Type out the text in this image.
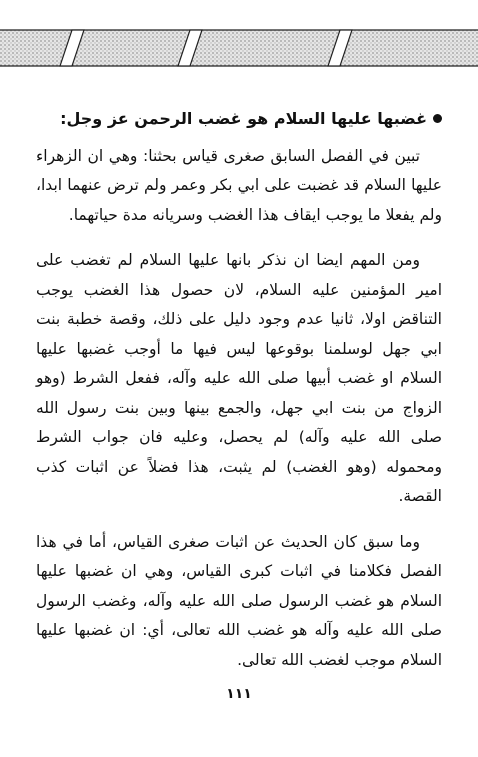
غضبها عليها السلام هو غضب الرحمن عز وجل:

تبين في الفصل السابق صغرى قياس بحثنا: وهي ان الزهراء عليها السلام قد غضبت على ابي بكر وعمر ولم ترض عنهما ابدا، ولم يفعلا ما يوجب ايقاف هذا الغضب وسريانه مدة حياتهما.

ومن المهم ايضا ان نذكر بانها عليها السلام لم تغضب على امير المؤمنين عليه السلام، لان حصول هذا الغضب يوجب التناقض اولا، ثانيا عدم وجود دليل على ذلك، وقصة خطبة بنت ابي جهل لوسلمنا بوقوعها ليس فيها ما أوجب غضبها عليها السلام او غضب أبيها صلى الله عليه وآله، ففعل الشرط (وهو الزواج من بنت ابي جهل، والجمع بينها وبين بنت رسول الله صلى الله عليه وآله) لم يحصل، وعليه فان جواب الشرط ومحموله (وهو الغضب) لم يثبت، هذا فضلاً عن اثبات كذب القصة.

وما سبق كان الحديث عن اثبات صغرى القياس، أما في هذا الفصل فكلامنا في اثبات كبرى القياس، وهي ان غضبها عليها السلام هو غضب الرسول صلى الله عليه وآله، وغضب الرسول صلى الله عليه وآله هو غضب الله تعالى، أي: ان غضبها عليها السلام موجب لغضب الله تعالى.

١١١
